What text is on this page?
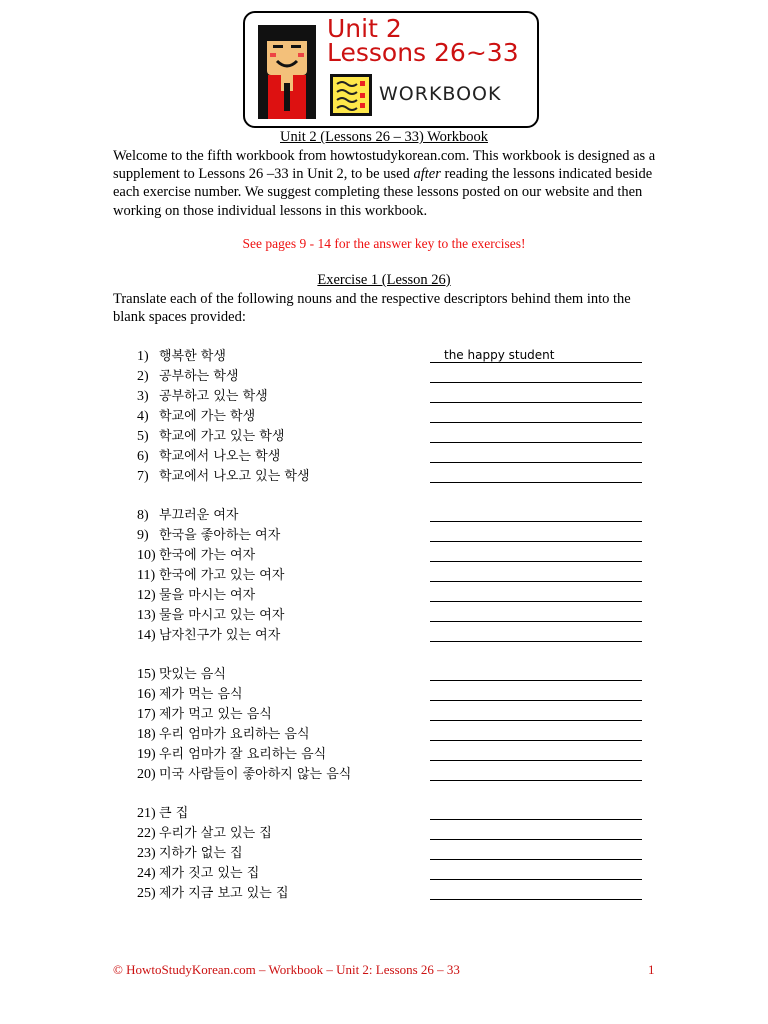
Unit 2
Lessons 26~33
WORKBOOK
Unit 2 (Lessons 26 – 33) Workbook
Welcome to the fifth workbook from howtostudykorean.com. This workbook is designed as a supplement to Lessons 26 –33 in Unit 2, to be used after reading the lessons indicated beside each exercise number. We suggest completing these lessons posted on our website and then working on those individual lessons in this workbook.
See pages 9 - 14 for the answer key to the exercises!
Exercise 1 (Lesson 26)
Translate each of the following nouns and the respective descriptors behind them into the blank spaces provided:
1) 행복한 학생	the happy student
2) 공부하는 학생
3) 공부하고 있는 학생
4) 학교에 가는 학생
5) 학교에 가고 있는 학생
6) 학교에서 나오는 학생
7) 학교에서 나오고 있는 학생
8) 부끄러운 여자
9) 한국을 좋아하는 여자
10) 한국에 가는 여자
11) 한국에 가고 있는 여자
12) 물을 마시는 여자
13) 물을 마시고 있는 여자
14) 남자친구가 있는 여자
15) 맛있는 음식
16) 제가 먹는 음식
17) 제가 먹고 있는 음식
18) 우리 엄마가 요리하는 음식
19) 우리 엄마가 잘 요리하는 음식
20) 미국 사람들이 좋아하지 않는 음식
21) 큰 집
22) 우리가 살고 있는 집
23) 지하가 없는 집
24) 제가 짓고 있는 집
25) 제가 지금 보고 있는 집
© HowtoStudyKorean.com – Workbook – Unit 2: Lessons 26 – 33	1
